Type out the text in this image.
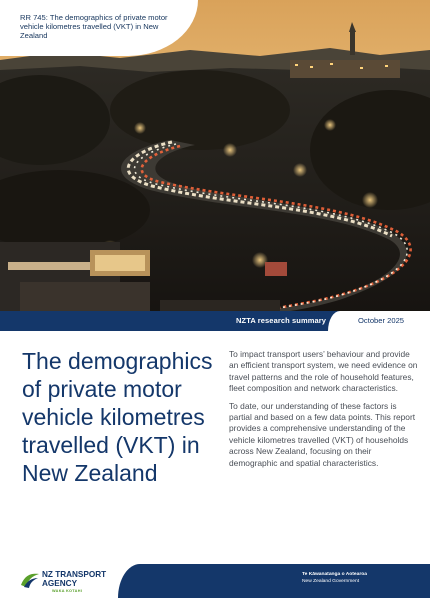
RR 745: The demographics of private motor vehicle kilometres travelled (VKT) in New Zealand
NZTA research summary	October 2025
The demographics of private motor vehicle kilometres travelled (VKT) in New Zealand

To impact transport users’ behaviour and provide an efficient transport system, we need evidence on travel patterns and the role of household features, fleet composition and network characteristics.

To date, our understanding of these factors is partial and based on a few data points. This report provides a comprehensive understanding of the vehicle kilometres travelled (VKT) of households across New Zealand, focusing on their demographic and spatial characteristics.

NZ TRANSPORT
AGENCY
WAKA KOTAHI
Te Kāwanatanga o Aotearoa
New Zealand Government
